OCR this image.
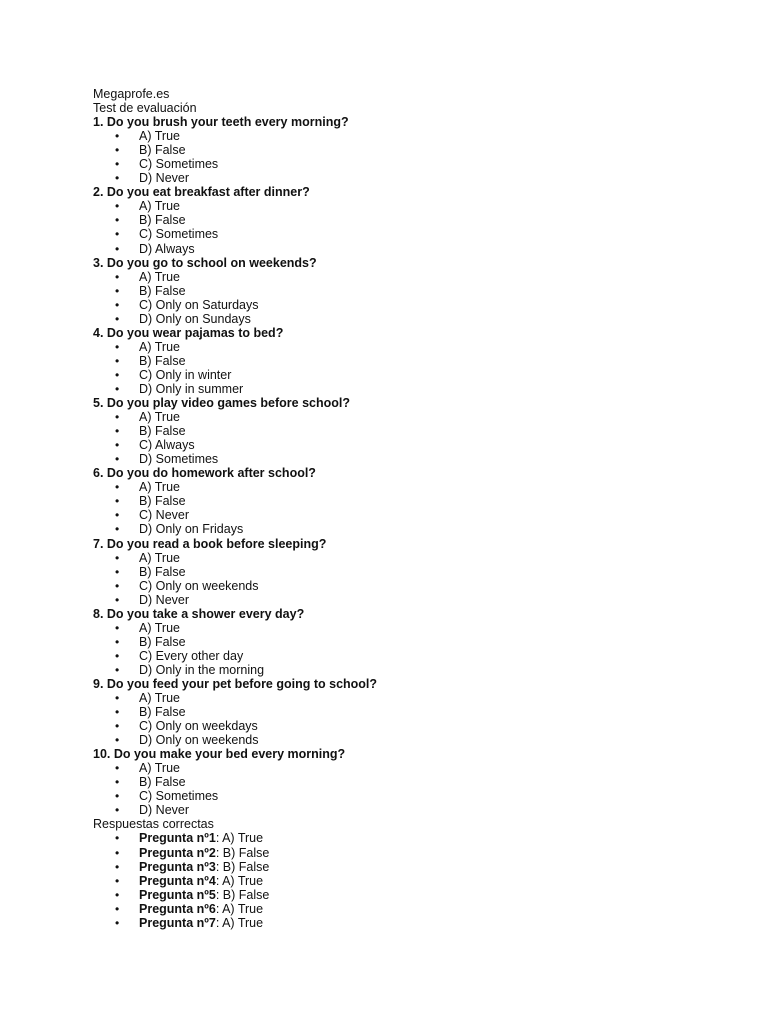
Megaprofe.es
Test de evaluación
1. Do you brush your teeth every morning?
• A) True
• B) False
• C) Sometimes
• D) Never
2. Do you eat breakfast after dinner?
• A) True
• B) False
• C) Sometimes
• D) Always
3. Do you go to school on weekends?
• A) True
• B) False
• C) Only on Saturdays
• D) Only on Sundays
4. Do you wear pajamas to bed?
• A) True
• B) False
• C) Only in winter
• D) Only in summer
5. Do you play video games before school?
• A) True
• B) False
• C) Always
• D) Sometimes
6. Do you do homework after school?
• A) True
• B) False
• C) Never
• D) Only on Fridays
7. Do you read a book before sleeping?
• A) True
• B) False
• C) Only on weekends
• D) Never
8. Do you take a shower every day?
• A) True
• B) False
• C) Every other day
• D) Only in the morning
9. Do you feed your pet before going to school?
• A) True
• B) False
• C) Only on weekdays
• D) Only on weekends
10. Do you make your bed every morning?
• A) True
• B) False
• C) Sometimes
• D) Never
Respuestas correctas
• Pregunta nº1: A) True
• Pregunta nº2: B) False
• Pregunta nº3: B) False
• Pregunta nº4: A) True
• Pregunta nº5: B) False
• Pregunta nº6: A) True
• Pregunta nº7: A) True
